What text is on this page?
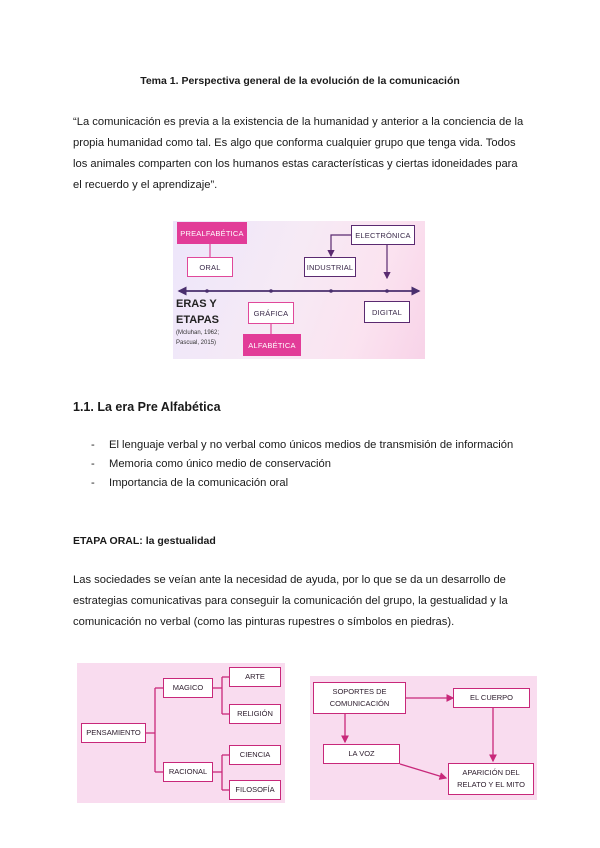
Tema 1. Perspectiva general de la evolución de la comunicación

“La comunicación es previa a la existencia de la humanidad y anterior a la conciencia de la propia humanidad como tal. Es algo que conforma cualquier grupo que tenga vida. Todos los animales comparten con los humanos estas características y ciertas idoneidades para el recuerdo y el aprendizaje”.

PREALFABÉTICA
ORAL	INDUSTRIAL
ELECTRÓNICA
GRÁFICA	DIGITAL
ALFABÉTICA
ERAS Y
ETAPAS
(Mcluhan, 1962;
Pascual, 2015)
1.1. La era Pre Alfabética
- El lenguaje verbal y no verbal como únicos medios de transmisión de información
- Memoria como único medio de conservación
- Importancia de la comunicación oral
ETAPA ORAL: la gestualidad

Las sociedades se veían ante la necesidad de ayuda, por lo que se da un desarrollo de estrategias comunicativas para conseguir la comunicación del grupo, la gestualidad y la comunicación no verbal (como las pinturas rupestres o símbolos en piedras).

PENSAMIENTO
MAGICO
RACIONAL
ARTE
RELIGIÓN
CIENCIA
FILOSOFÍA
SOPORTES DE
COMUNICACIÓN
EL CUERPO
LA VOZ
APARICIÓN DEL
RELATO Y EL MITO
